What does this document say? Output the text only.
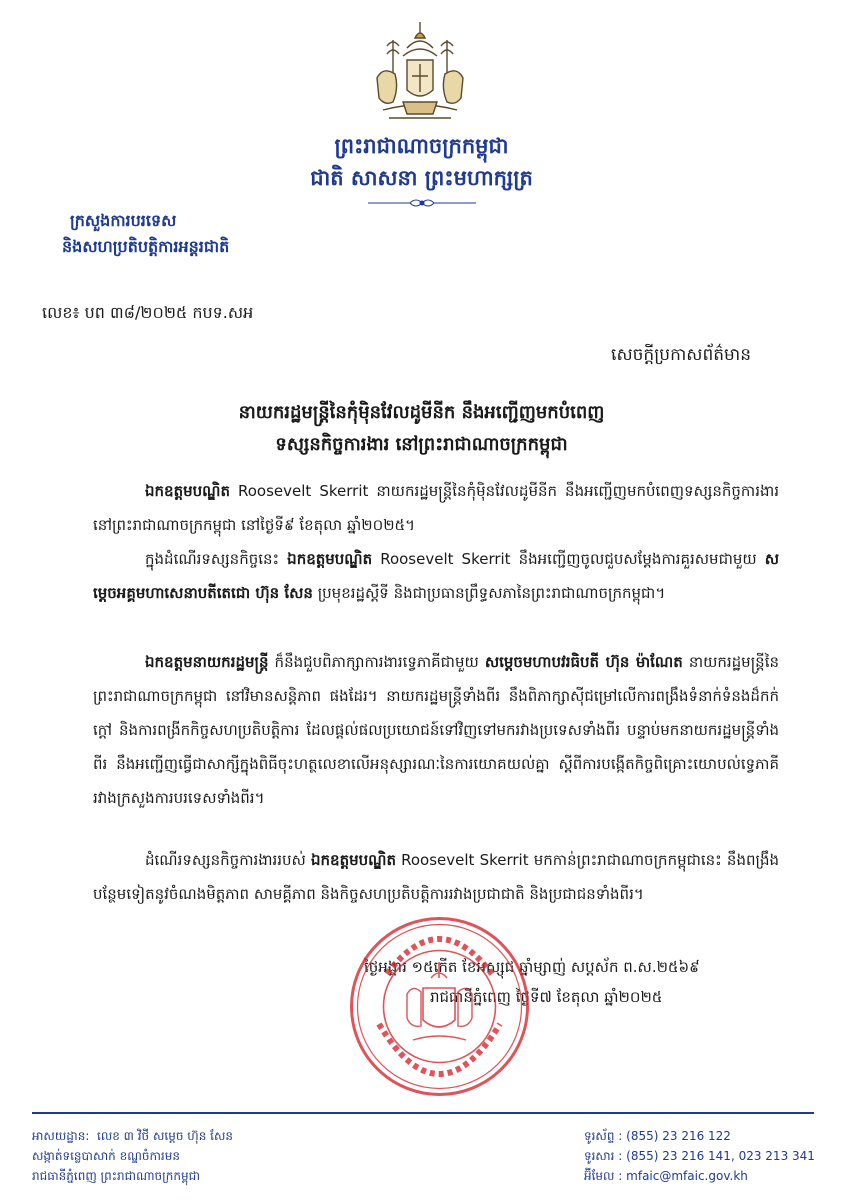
ព្រះរាជាណាចក្រកម្ពុជា
ជាតិ សាសនា ព្រះមហាក្សត្រ
ក្រសួងការបរទេស
និងសហប្រតិបត្តិការអន្តរជាតិ
លេខ៖ បព ៣៨/២០២៥ កបទ.សអ
សេចក្តីប្រកាសព័ត៌មាន
នាយករដ្ឋមន្ត្រីនៃកុំម៉ិនវែលដូមីនីក នឹងអញ្ជើញមកបំពេញ
ទស្សនកិច្ចការងារ នៅព្រះរាជាណាចក្រកម្ពុជា

ឯកឧត្តមបណ្ឌិត Roosevelt Skerrit នាយករដ្ឋមន្ត្រីនៃកុំម៉ិនវែលដូមីនីក នឹងអញ្ជើញមកបំពេញទស្សនកិច្ចការងារនៅព្រះរាជាណាចក្រកម្ពុជា នៅថ្ងៃទី៩ ខែតុលា ឆ្នាំ២០២៥។

ក្នុងដំណើរទស្សនកិច្ចនេះ ឯកឧត្តមបណ្ឌិត Roosevelt Skerrit នឹងអញ្ជើញចូលជួបសម្តែងការគួរសមជាមួយ សម្តេចអគ្គមហាសេនាបតីតេជោ ហ៊ុន សែន ប្រមុខរដ្ឋស្តីទី និងជាប្រធានព្រឹទ្ធសភានៃព្រះរាជាណាចក្រកម្ពុជា។

ឯកឧត្តមនាយករដ្ឋមន្ត្រី ក៏នឹងជួបពិភាក្សាការងារទ្វេភាគីជាមួយ សម្តេចមហាបវរធិបតី ហ៊ុន ម៉ាណែត នាយករដ្ឋមន្ត្រីនៃព្រះរាជាណាចក្រកម្ពុជា នៅវិមានសន្តិភាព ផងដែរ។ នាយករដ្ឋមន្ត្រីទាំងពីរ នឹងពិភាក្សាស៊ីជម្រៅលើការពង្រឹងទំនាក់ទំនងដ៏កក់ក្តៅ និងការពង្រីកកិច្ចសហប្រតិបត្តិការ ដែលផ្តល់ផលប្រយោជន៍ទៅវិញទៅមករវាងប្រទេសទាំងពីរ បន្ទាប់មកនាយករដ្ឋមន្ត្រីទាំងពីរ នឹងអញ្ជើញធ្វើជាសាក្សីក្នុងពិធីចុះហត្ថលេខាលើអនុស្សារណៈនៃការយោគយល់គ្នា ស្តីពីការបង្កើតកិច្ចពិគ្រោះយោបល់ទ្វេភាគី រវាងក្រសួងការបរទេសទាំងពីរ។

ដំណើរទស្សនកិច្ចការងាររបស់ ឯកឧត្តមបណ្ឌិត Roosevelt Skerrit មកកាន់ព្រះរាជាណាចក្រកម្ពុជានេះ នឹងពង្រឹងបន្ថែមទៀតនូវចំណងមិត្តភាព សាមគ្គីភាព និងកិច្ចសហប្រតិបត្តិការរវាងប្រជាជាតិ និងប្រជាជនទាំងពីរ។

ថ្ងៃអង្គារ ១៥កើត ខែអស្សុជ ឆ្នាំម្សាញ់ សប្តស័ក ព.ស.២៥៦៩
រាជធានីភ្នំពេញ ថ្ងៃទី៧ ខែតុលា ឆ្នាំ២០២៥
អាសយដ្ឋាន: លេខ ៣ វិថី សម្តេច ហ៊ុន សែន
សង្កាត់ទន្លេបាសាក់ ខណ្ឌចំការមន
រាជធានីភ្នំពេញ ព្រះរាជាណាចក្រកម្ពុជា
ទូរស័ព្ទ : (855) 23 216 122
ទូរសារ : (855) 23 216 141, 023 213 341
អ៊ីមែល : mfaic@mfaic.gov.kh
